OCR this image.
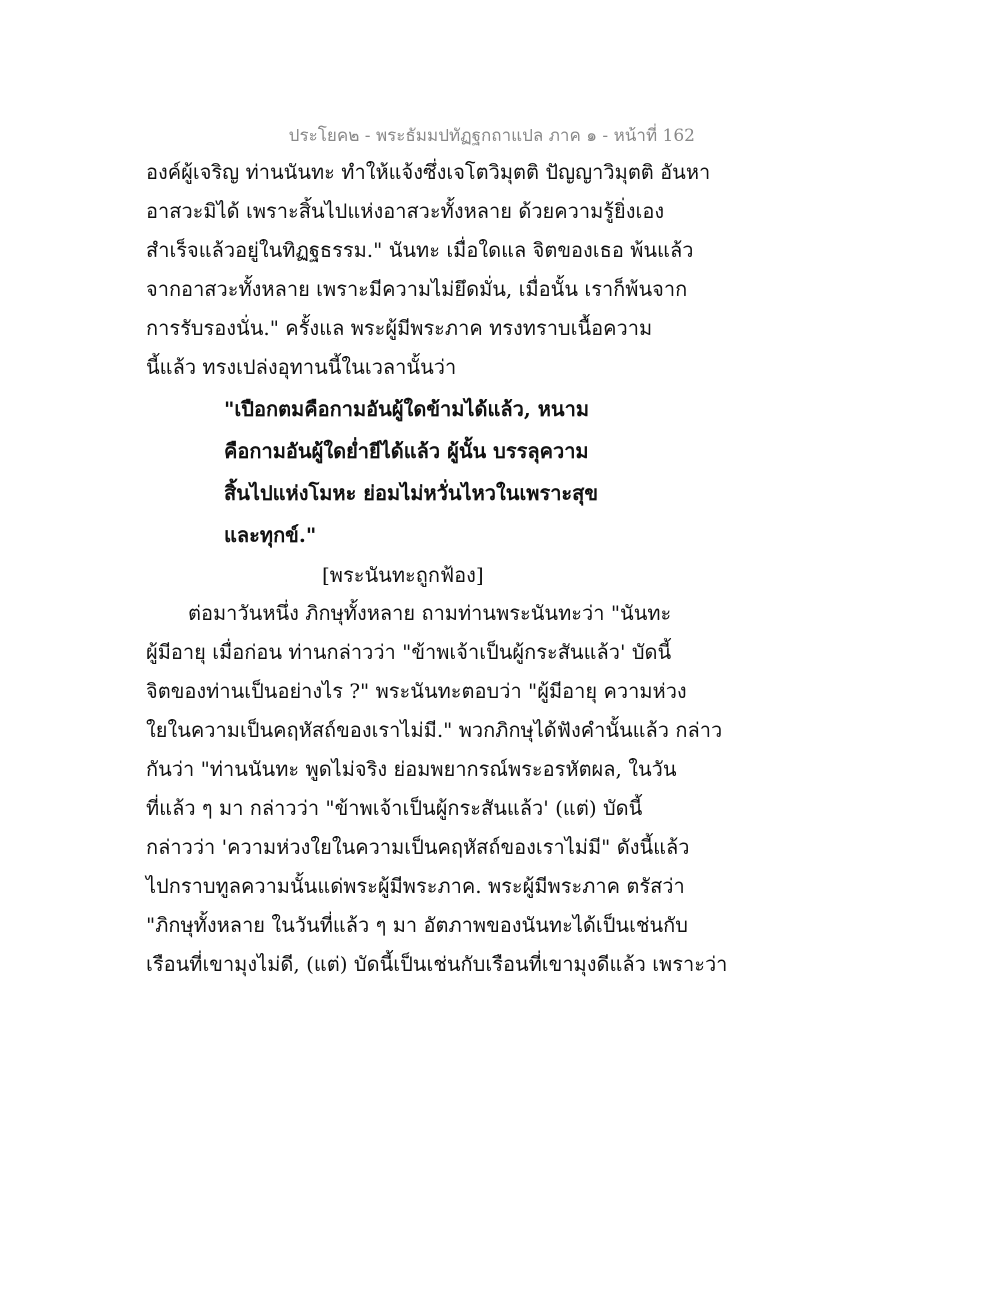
ประโยค๒ - พระธัมมปทัฏฐกถาแปล ภาค ๑ - หน้าที่ 162
องค์ผู้เจริญ ท่านนันทะ ทำให้แจ้งซึ่งเจโตวิมุตติ ปัญญาวิมุตติ อันหา
อาสวะมิได้ เพราะสิ้นไปแห่งอาสวะทั้งหลาย ด้วยความรู้ยิ่งเอง
สำเร็จแล้วอยู่ในทิฏฐธรรม." นันทะ เมื่อใดแล จิตของเธอ พ้นแล้ว
จากอาสวะทั้งหลาย เพราะมีความไม่ยึดมั่น, เมื่อนั้น เราก็พ้นจาก
การรับรองนั่น." ครั้งแล พระผู้มีพระภาค ทรงทราบเนื้อความ
นี้แล้ว ทรงเปล่งอุทานนี้ในเวลานั้นว่า
"เปือกตมคือกามอันผู้ใดข้ามได้แล้ว, หนาม
คือกามอันผู้ใดย่ำยีได้แล้ว ผู้นั้น บรรลุความ
สิ้นไปแห่งโมหะ ย่อมไม่หวั่นไหวในเพราะสุข
และทุกข์."
[พระนันทะถูกฟ้อง]
ต่อมาวันหนึ่ง ภิกษุทั้งหลาย ถามท่านพระนันทะว่า "นันทะ
ผู้มีอายุ เมื่อก่อน ท่านกล่าวว่า "ข้าพเจ้าเป็นผู้กระสันแล้ว' บัดนี้
จิตของท่านเป็นอย่างไร ?" พระนันทะตอบว่า "ผู้มีอายุ ความห่วง
ใยในความเป็นคฤหัสถ์ของเราไม่มี." พวกภิกษุได้ฟังคำนั้นแล้ว กล่าว
กันว่า "ท่านนันทะ พูดไม่จริง ย่อมพยากรณ์พระอรหัตผล, ในวัน
ที่แล้ว ๆ มา กล่าวว่า "ข้าพเจ้าเป็นผู้กระสันแล้ว' (แต่) บัดนี้
กล่าวว่า 'ความห่วงใยในความเป็นคฤหัสถ์ของเราไม่มี" ดังนี้แล้ว
ไปกราบทูลความนั้นแด่พระผู้มีพระภาค. พระผู้มีพระภาค ตรัสว่า
"ภิกษุทั้งหลาย ในวันที่แล้ว ๆ มา อัตภาพของนันทะได้เป็นเช่นกับ
เรือนที่เขามุงไม่ดี, (แต่) บัดนี้เป็นเช่นกับเรือนที่เขามุงดีแล้ว เพราะว่า
